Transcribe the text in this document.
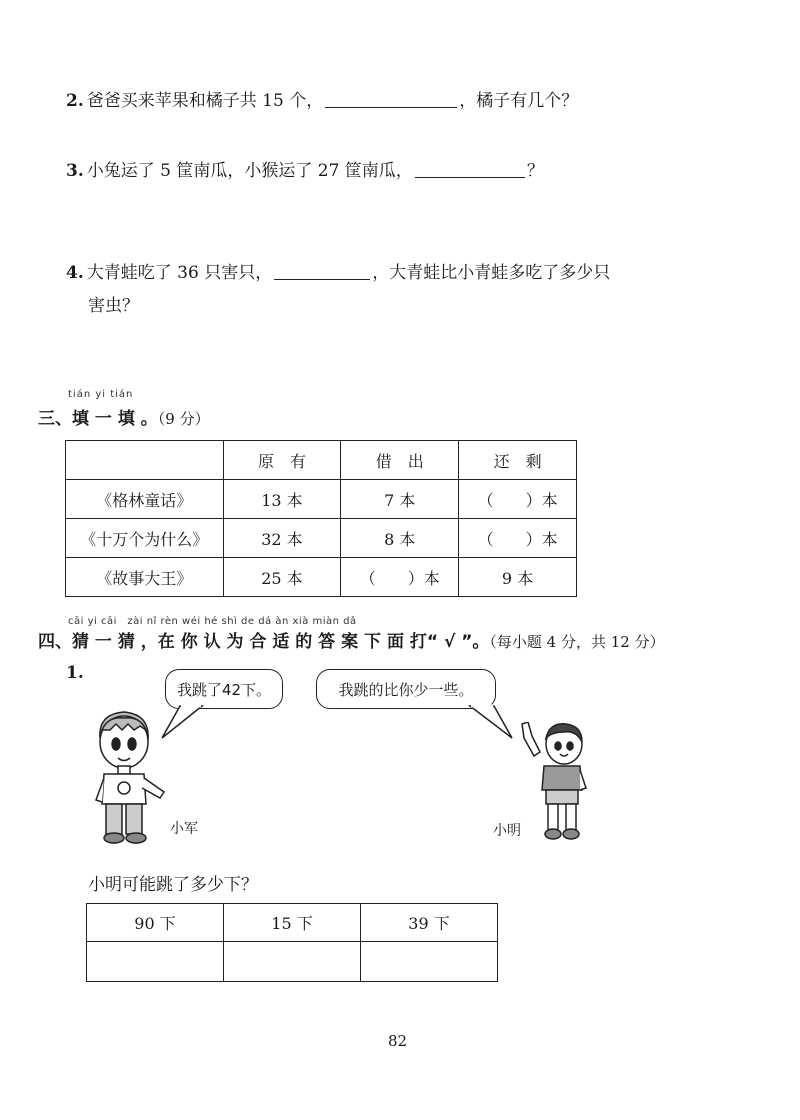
2. 爸爸买来苹果和橘子共 15 个，	，橘子有几个？
3. 小兔运了 5 筐南瓜，小猴运了 27 筐南瓜，	？
4. 大青蛙吃了 36 只害只，	，大青蛙比小青蛙多吃了多少只
害虫？
tián yi tián
三、填 一 填 。（9 分）
	原　有	借　出	还　剩
《格林童话》	13 本	7 本	（　　）本
《十万个为什么》	32 本	8 本	（　　）本
《故事大王》	25 本	（　　）本	9 本
cāi yi cāi　zài nǐ rèn wéi hé shì de dá àn xià miàn dǎ
四、猜 一 猜 ，在 你 认 为 合 适 的 答 案 下 面 打“ √ ”。（每小题 4 分，共 12 分）
1.
我跳了42下。	我跳的比你少一些。
小军	小明
小明可能跳了多少下？
90 下	15 下	39 下

82
